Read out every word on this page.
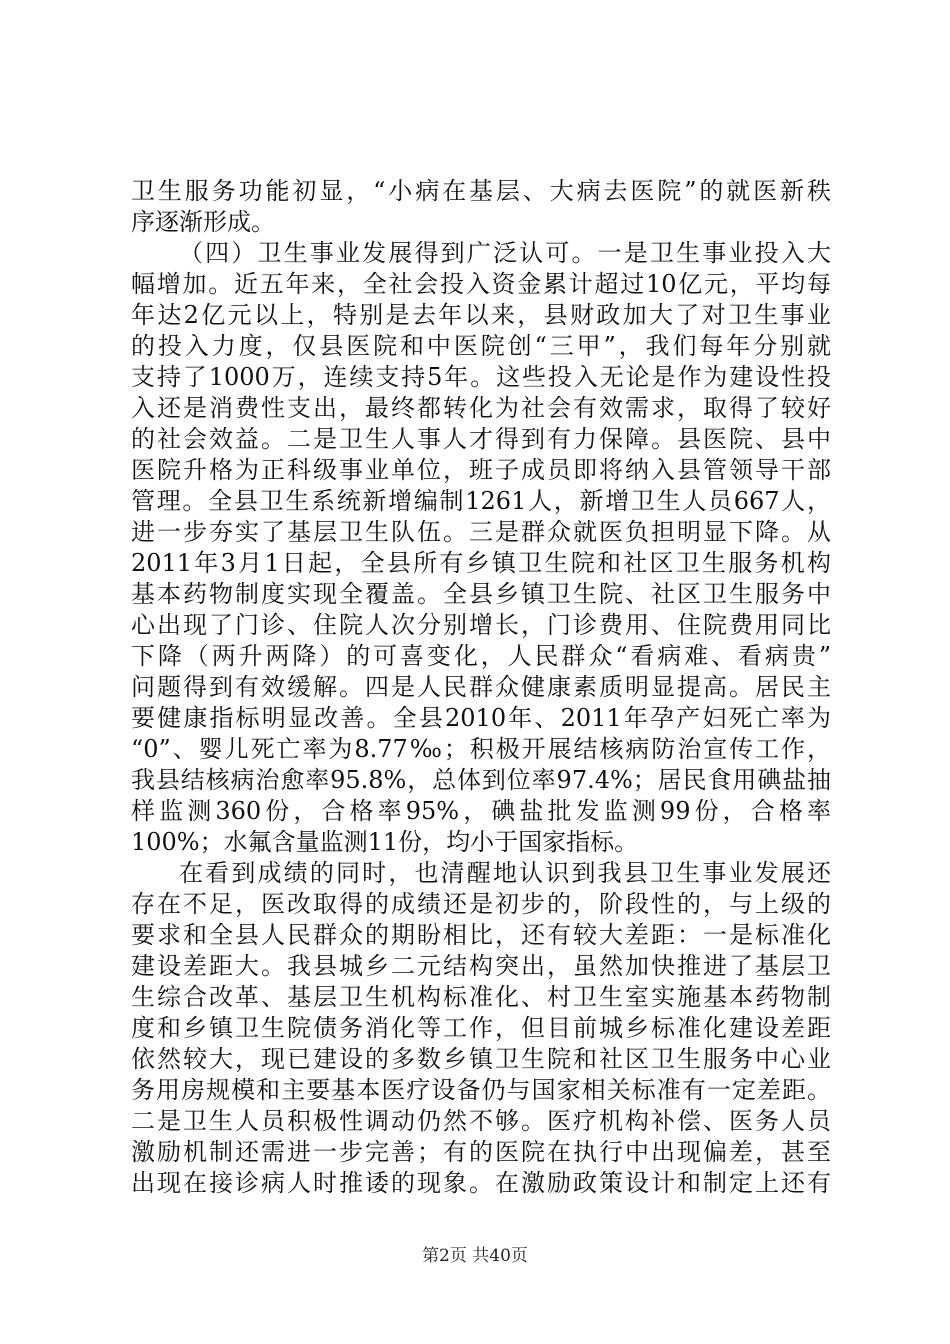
卫生服务功能初显，“小病在基层、大病去医院”的就医新秩
序逐渐形成。
（四）卫生事业发展得到广泛认可。一是卫生事业投入大
幅增加。近五年来，全社会投入资金累计超过10亿元，平均每
年达2亿元以上，特别是去年以来，县财政加大了对卫生事业
的投入力度，仅县医院和中医院创“三甲”，我们每年分别就
支持了1000万，连续支持5年。这些投入无论是作为建设性投
入还是消费性支出，最终都转化为社会有效需求，取得了较好
的社会效益。二是卫生人事人才得到有力保障。县医院、县中
医院升格为正科级事业单位，班子成员即将纳入县管领导干部
管理。全县卫生系统新增编制1261人，新增卫生人员667人，
进一步夯实了基层卫生队伍。三是群众就医负担明显下降。从
2011年3月1日起，全县所有乡镇卫生院和社区卫生服务机构
基本药物制度实现全覆盖。全县乡镇卫生院、社区卫生服务中
心出现了门诊、住院人次分别增长，门诊费用、住院费用同比
下降（两升两降）的可喜变化，人民群众“看病难、看病贵”
问题得到有效缓解。四是人民群众健康素质明显提高。居民主
要健康指标明显改善。全县2010年、2011年孕产妇死亡率为
“0”、婴儿死亡率为8.77‰；积极开展结核病防治宣传工作，
我县结核病治愈率95.8%，总体到位率97.4%；居民食用碘盐抽
样监测360份，合格率95%，碘盐批发监测99份，合格率
100%；水氟含量监测11份，均小于国家指标。
在看到成绩的同时，也清醒地认识到我县卫生事业发展还
存在不足，医改取得的成绩还是初步的，阶段性的，与上级的
要求和全县人民群众的期盼相比，还有较大差距：一是标准化
建设差距大。我县城乡二元结构突出，虽然加快推进了基层卫
生综合改革、基层卫生机构标准化、村卫生室实施基本药物制
度和乡镇卫生院债务消化等工作，但目前城乡标准化建设差距
依然较大，现已建设的多数乡镇卫生院和社区卫生服务中心业
务用房规模和主要基本医疗设备仍与国家相关标准有一定差距。
二是卫生人员积极性调动仍然不够。医疗机构补偿、医务人员
激励机制还需进一步完善；有的医院在执行中出现偏差，甚至
出现在接诊病人时推诿的现象。在激励政策设计和制定上还有
第2页 共40页
